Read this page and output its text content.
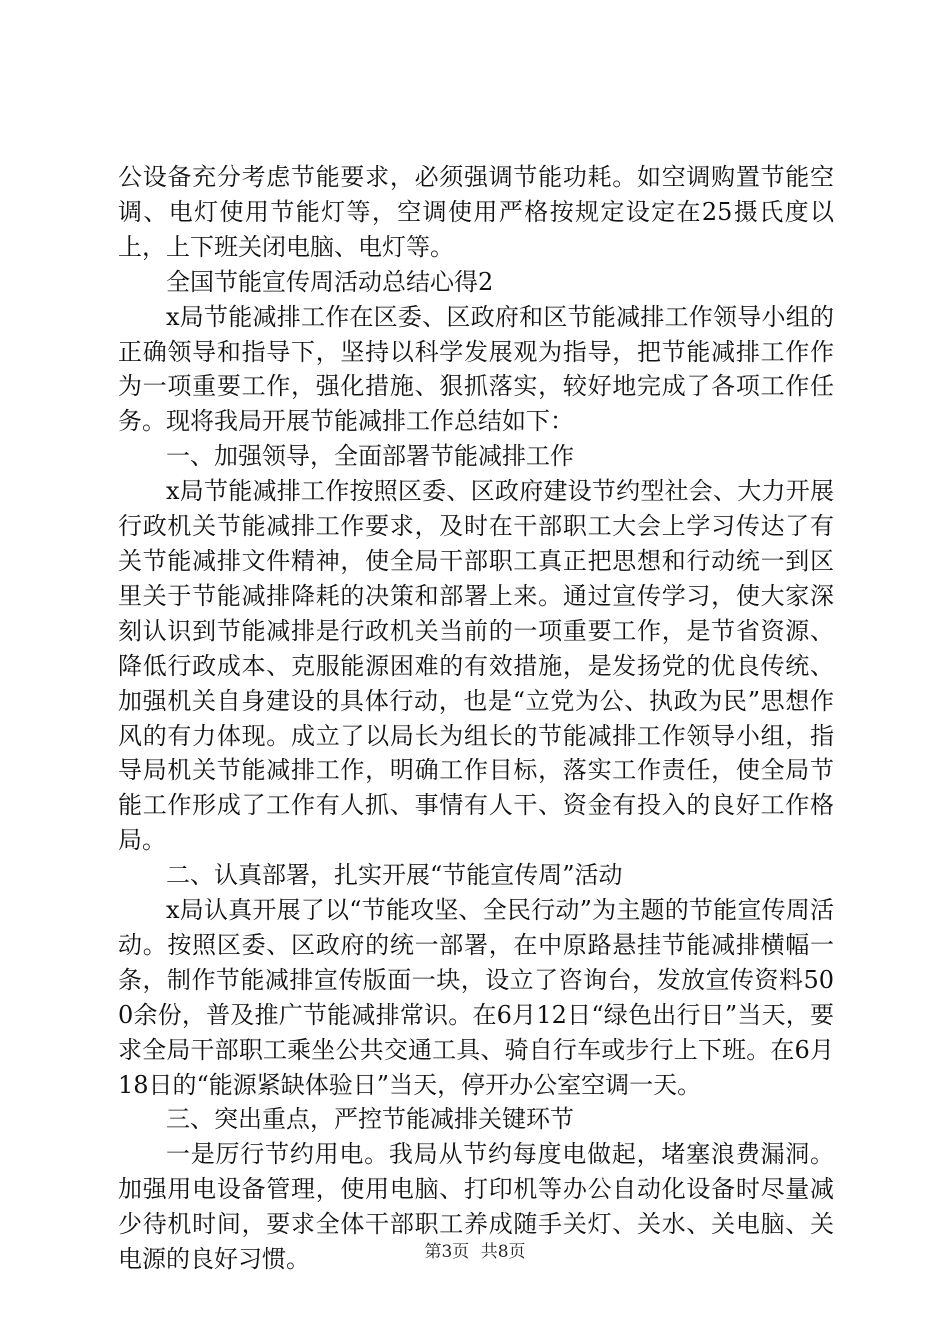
公设备充分考虑节能要求，必须强调节能功耗。如空调购置节能空调、电灯使用节能灯等，空调使用严格按规定设定在25摄氏度以上，上下班关闭电脑、电灯等。

全国节能宣传周活动总结心得2

x局节能减排工作在区委、区政府和区节能减排工作领导小组的正确领导和指导下，坚持以科学发展观为指导，把节能减排工作作为一项重要工作，强化措施、狠抓落实，较好地完成了各项工作任务。现将我局开展节能减排工作总结如下：

一、加强领导，全面部署节能减排工作

x局节能减排工作按照区委、区政府建设节约型社会、大力开展行政机关节能减排工作要求，及时在干部职工大会上学习传达了有关节能减排文件精神，使全局干部职工真正把思想和行动统一到区里关于节能减排降耗的决策和部署上来。通过宣传学习，使大家深刻认识到节能减排是行政机关当前的一项重要工作，是节省资源、降低行政成本、克服能源困难的有效措施，是发扬党的优良传统、加强机关自身建设的具体行动，也是“立党为公、执政为民”思想作风的有力体现。成立了以局长为组长的节能减排工作领导小组，指导局机关节能减排工作，明确工作目标，落实工作责任，使全局节能工作形成了工作有人抓、事情有人干、资金有投入的良好工作格局。

二、认真部署，扎实开展“节能宣传周”活动

x局认真开展了以“节能攻坚、全民行动”为主题的节能宣传周活动。按照区委、区政府的统一部署，在中原路悬挂节能减排横幅一条，制作节能减排宣传版面一块，设立了咨询台，发放宣传资料500余份，普及推广节能减排常识。在6月12日“绿色出行日”当天，要求全局干部职工乘坐公共交通工具、骑自行车或步行上下班。在6月18日的“能源紧缺体验日”当天，停开办公室空调一天。

三、突出重点，严控节能减排关键环节

一是厉行节约用电。我局从节约每度电做起，堵塞浪费漏洞。加强用电设备管理，使用电脑、打印机等办公自动化设备时尽量减少待机时间，要求全体干部职工养成随手关灯、关水、关电脑、关电源的良好习惯。	第3页 共8页
